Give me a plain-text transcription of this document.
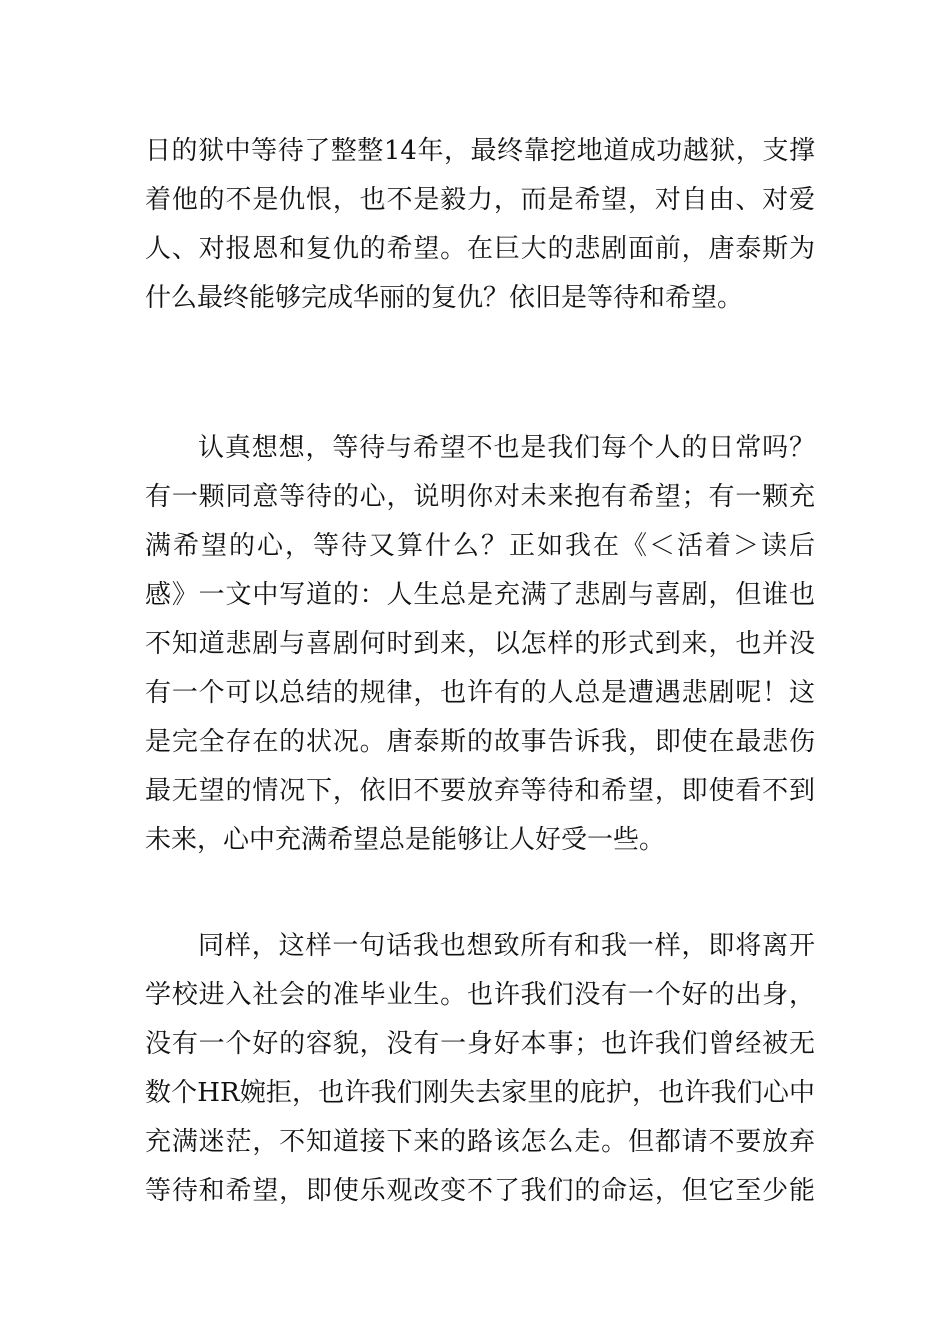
日的狱中等待了整整14年，最终靠挖地道成功越狱，支撑
着他的不是仇恨，也不是毅力，而是希望，对自由、对爱
人、对报恩和复仇的希望。在巨大的悲剧面前，唐泰斯为
什么最终能够完成华丽的复仇？依旧是等待和希望。

认真想想，等待与希望不也是我们每个人的日常吗？
有一颗同意等待的心，说明你对未来抱有希望；有一颗充
满希望的心，等待又算什么？正如我在《＜活着＞读后
感》一文中写道的：人生总是充满了悲剧与喜剧，但谁也
不知道悲剧与喜剧何时到来，以怎样的形式到来，也并没
有一个可以总结的规律，也许有的人总是遭遇悲剧呢！这
是完全存在的状况。唐泰斯的故事告诉我，即使在最悲伤
最无望的情况下，依旧不要放弃等待和希望，即使看不到
未来，心中充满希望总是能够让人好受一些。

同样，这样一句话我也想致所有和我一样，即将离开
学校进入社会的准毕业生。也许我们没有一个好的出身，
没有一个好的容貌，没有一身好本事；也许我们曾经被无
数个HR婉拒，也许我们刚失去家里的庇护，也许我们心中
充满迷茫，不知道接下来的路该怎么走。但都请不要放弃
等待和希望，即使乐观改变不了我们的命运，但它至少能
